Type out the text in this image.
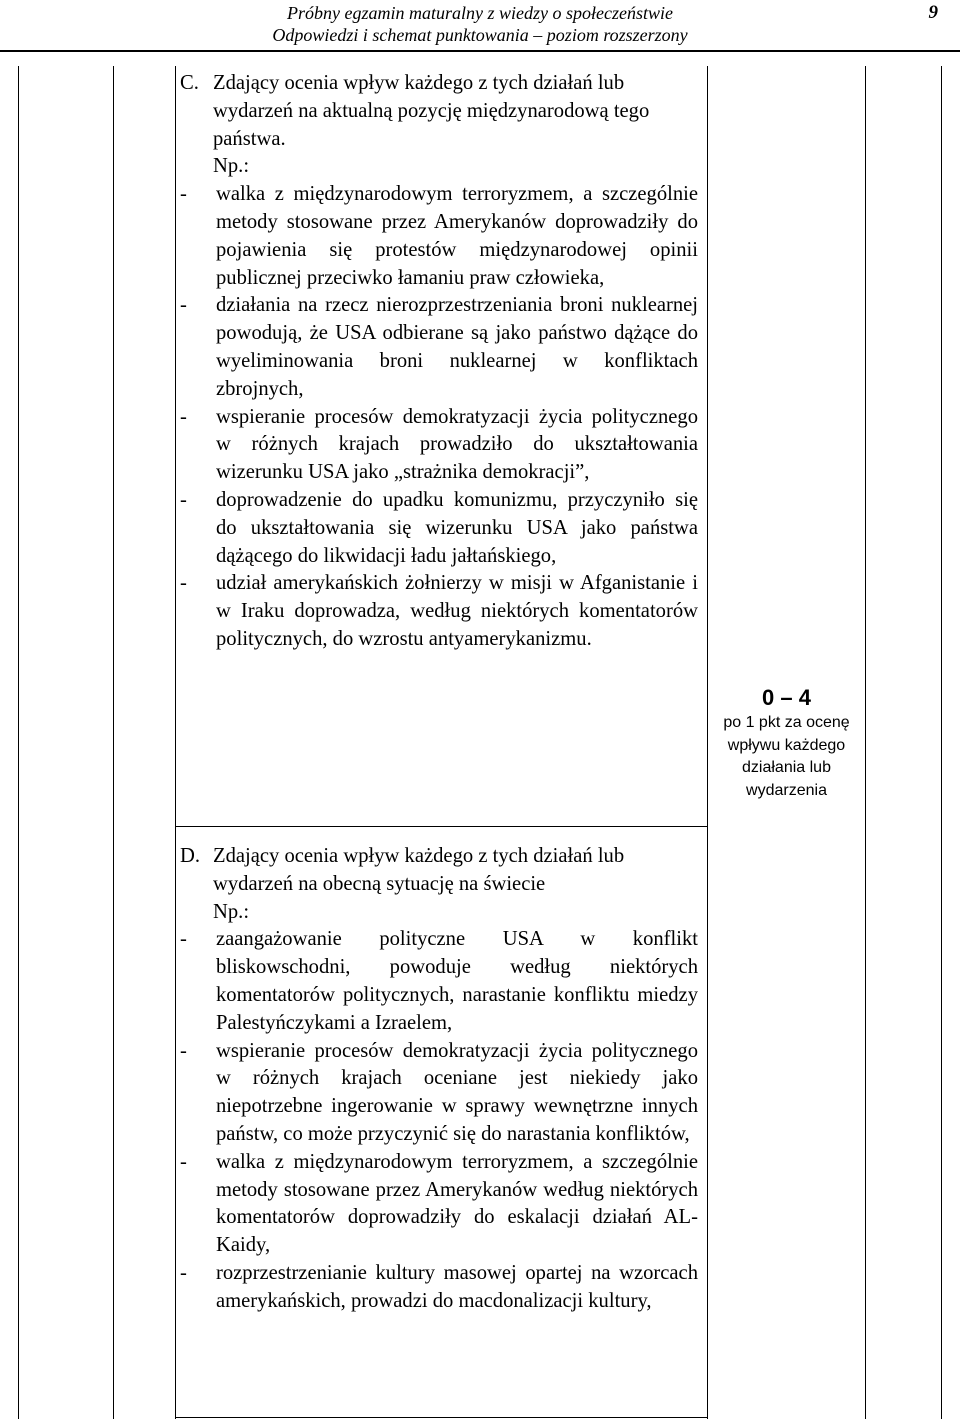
Próbny egzamin maturalny z wiedzy o społeczeństwie
Odpowiedzi i schemat punktowania – poziom rozszerzony
9
C. Zdający ocenia wpływ każdego z tych działań lub wydarzeń na aktualną pozycję międzynarodową tego państwa.
Np.:
-	walka z międzynarodowym terroryzmem, a szczególnie metody stosowane przez Amerykanów doprowadziły do pojawienia się protestów międzynarodowej opinii publicznej przeciwko łamaniu praw człowieka,
-	działania na rzecz nierozprzestrzeniania broni nuklearnej powodują, że USA odbierane są jako państwo dążące do wyeliminowania broni nuklearnej w konfliktach zbrojnych,
-	wspieranie procesów demokratyzacji życia politycznego w różnych krajach prowadziło do ukształtowania wizerunku USA jako „strażnika demokracji”,
-	doprowadzenie do upadku komunizmu, przyczyniło się do ukształtowania się wizerunku USA jako państwa dążącego do likwidacji ładu jałtańskiego,
-	udział amerykańskich żołnierzy w misji w Afganistanie i w Iraku doprowadza, według niektórych komentatorów politycznych, do wzrostu antyamerykanizmu.
D. Zdający ocenia wpływ każdego z tych działań lub wydarzeń na obecną sytuację na świecie
Np.:
-	zaangażowanie polityczne USA w konflikt bliskowschodni, powoduje według niektórych komentatorów politycznych, narastanie konfliktu miedzy Palestyńczykami a Izraelem,
-	wspieranie procesów demokratyzacji życia politycznego w różnych krajach oceniane jest niekiedy jako niepotrzebne ingerowanie w sprawy wewnętrzne innych państw, co może przyczynić się do narastania konfliktów,
-	walka z międzynarodowym terroryzmem, a szczególnie metody stosowane przez Amerykanów według niektórych komentatorów doprowadziły do eskalacji działań AL-Kaidy,
-	rozprzestrzenianie kultury masowej opartej na wzorcach amerykańskich, prowadzi do macdonalizacji kultury,
0 – 4
po 1 pkt za ocenę
wpływu każdego
działania lub
wydarzenia
